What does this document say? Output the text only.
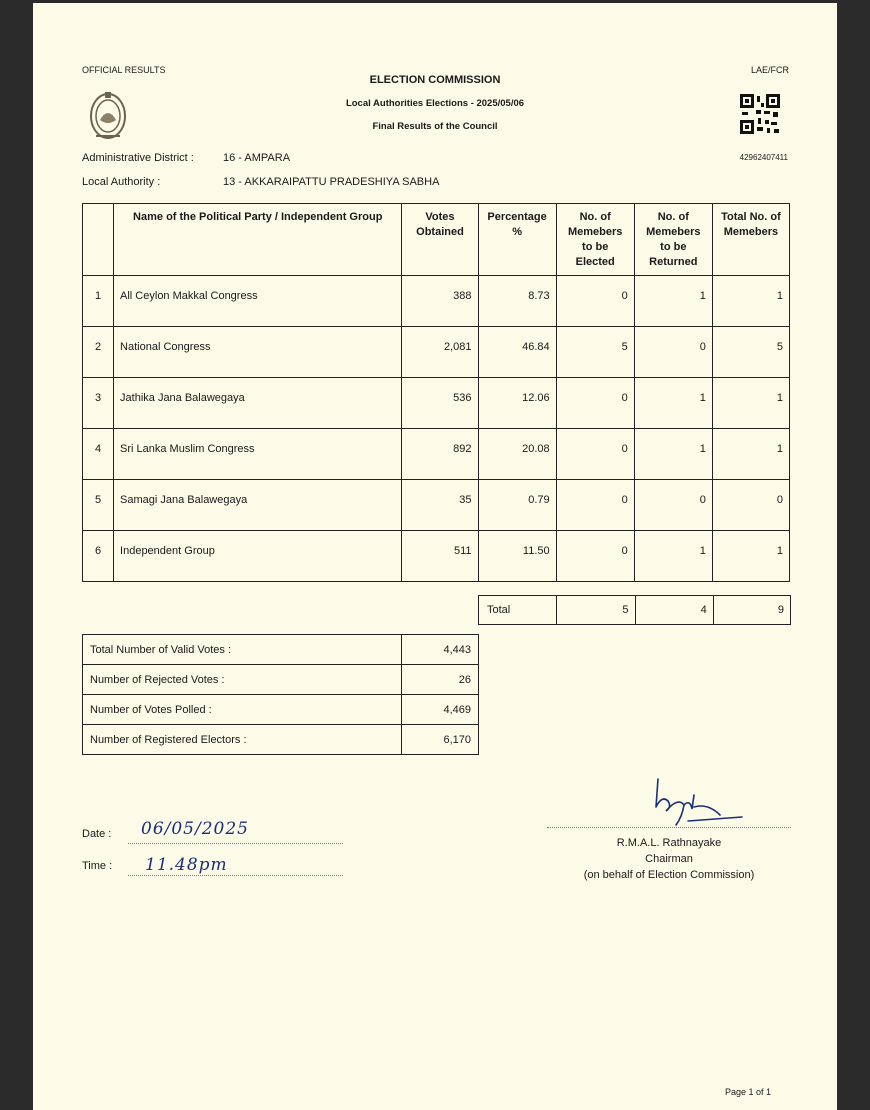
OFFICIAL RESULTS	LAE/FCR
ELECTION COMMISSION
Local Authorities Elections - 2025/05/06
Final Results of the Council
42962407411
Administrative District :	16 - AMPARA
Local Authority :	13 - AKKARAIPATTU PRADESHIYA SABHA
	Name of the Political Party / Independent Group	Votes Obtained	Percentage %	No. of Memebers to be Elected	No. of Memebers to be Returned	Total No. of Memebers
1	All Ceylon Makkal Congress	388	8.73	0	1	1
2	National Congress	2,081	46.84	5	0	5
3	Jathika Jana Balawegaya	536	12.06	0	1	1
4	Sri Lanka Muslim Congress	892	20.08	0	1	1
5	Samagi Jana Balawegaya	35	0.79	0	0	0
6	Independent Group	511	11.50	0	1	1
Total	5	4	9
Total Number of Valid Votes :	4,443
Number of Rejected Votes :	26
Number of Votes Polled :	4,469
Number of Registered Electors :	6,170
Date : 06/05/2025
Time : 11.48pm
R.M.A.L. Rathnayake
Chairman
(on behalf of Election Commission)
Page 1 of 1
